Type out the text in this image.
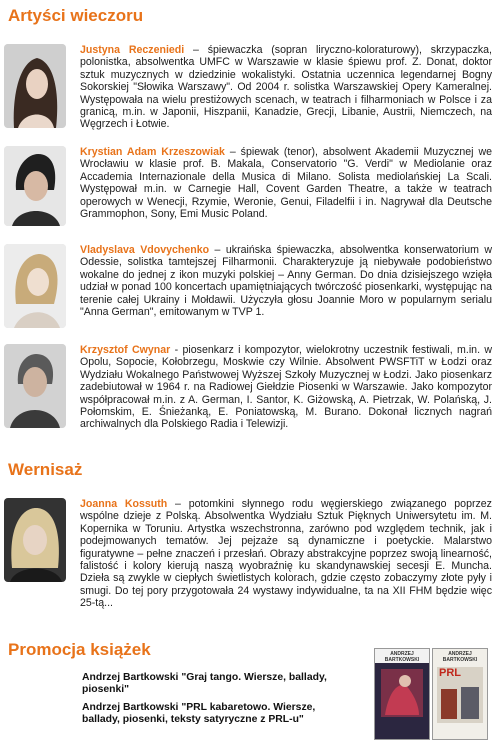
Artyści wieczoru

Justyna Reczeniedi – śpiewaczka (sopran liryczno-koloraturowy), skrzypaczka, polonistka, absolwentka UMFC w Warszawie w klasie śpiewu prof. Z. Donat, doktor sztuk muzycznych w dziedzinie wokalistyki. Ostatnia uczennica legendarnej Bogny Sokorskiej "Słowika Warszawy". Od 2004 r. solistka Warszawskiej Opery Kameralnej. Występowała na wielu prestiżowych scenach, w teatrach i filharmoniach w Polsce i za granicą, m.in. w Japonii, Hiszpanii, Kanadzie, Grecji, Libanie, Austrii, Niemczech, na Węgrzech i Łotwie.

Krystian Adam Krzeszowiak – śpiewak (tenor), absolwent Akademii Muzycznej we Wrocławiu w klasie prof. B. Makala, Conservatorio "G. Verdi" w Mediolanie oraz Accademia Internazionale della Musica di Milano. Solista mediolańskiej La Scali. Występował m.in. w Carnegie Hall, Covent Garden Theatre, a także w teatrach operowych w Wenecji, Rzymie, Weronie, Genui, Filadelfii i in. Nagrywał dla Deutsche Grammophon, Sony, Emi Music Poland.

Vladyslava Vdovychenko – ukraińska śpiewaczka, absolwentka konserwatorium w Odessie, solistka tamtejszej Filharmonii. Charakteryzuje ją niebywałe podobieństwo wokalne do jednej z ikon muzyki polskiej – Anny German. Do dnia dzisiejszego wzięła udział w ponad 100 koncertach upamiętniających twórczość piosenkarki, występując na terenie całej Ukrainy i Mołdawii. Użyczyła głosu Joannie Moro w popularnym serialu "Anna German", emitowanym w TVP 1.

Krzysztof Cwynar - piosenkarz i kompozytor, wielokrotny uczestnik festiwali, m.in. w Opolu, Sopocie, Kołobrzegu, Moskwie czy Wilnie. Absolwent PWSFTiT w Łodzi oraz Wydziału Wokalnego Państwowej Wyższej Szkoły Muzycznej w Łodzi. Jako piosenkarz zadebiutował w 1964 r. na Radiowej Giełdzie Piosenki w Warszawie. Jako kompozytor współpracował m.in. z A. German, I. Santor, K. Giżowską, A. Pietrzak, W. Polańską, J. Połomskim, E. Śnieżanką, E. Poniatowską, M. Burano. Dokonał licznych nagrań archiwalnych dla Polskiego Radia i Telewizji.

Wernisaż

Joanna Kossuth – potomkini słynnego rodu węgierskiego związanego poprzez wspólne dzieje z Polską. Absolwentka Wydziału Sztuk Pięknych Uniwersytetu im. M. Kopernika w Toruniu. Artystka wszechstronna, zarówno pod względem technik, jak i podejmowanych tematów. Jej pejzaże są dynamiczne i poetyckie. Malarstwo figuratywne – pełne znaczeń i przesłań. Obrazy abstrakcyjne poprzez swoją linearność, falistość i kolory kierują naszą wyobraźnię ku skandynawskiej secesji E. Muncha. Dzieła są zwykle w ciepłych świetlistych kolorach, gdzie często zobaczymy złote pyły i smugi. Do tej pory przygotowała 24 wystawy indywidualne, ta na XII FHM będzie więc 25-tą...

Promocja książek
Andrzej Bartkowski "Graj tango. Wiersze, ballady, piosenki"
Andrzej Bartkowski "PRL kabaretowo. Wiersze, ballady, piosenki, teksty satyryczne z PRL-u"
ANDRZEJ BARTKOWSKI
ANDRZEJ BARTKOWSKI
PRL
